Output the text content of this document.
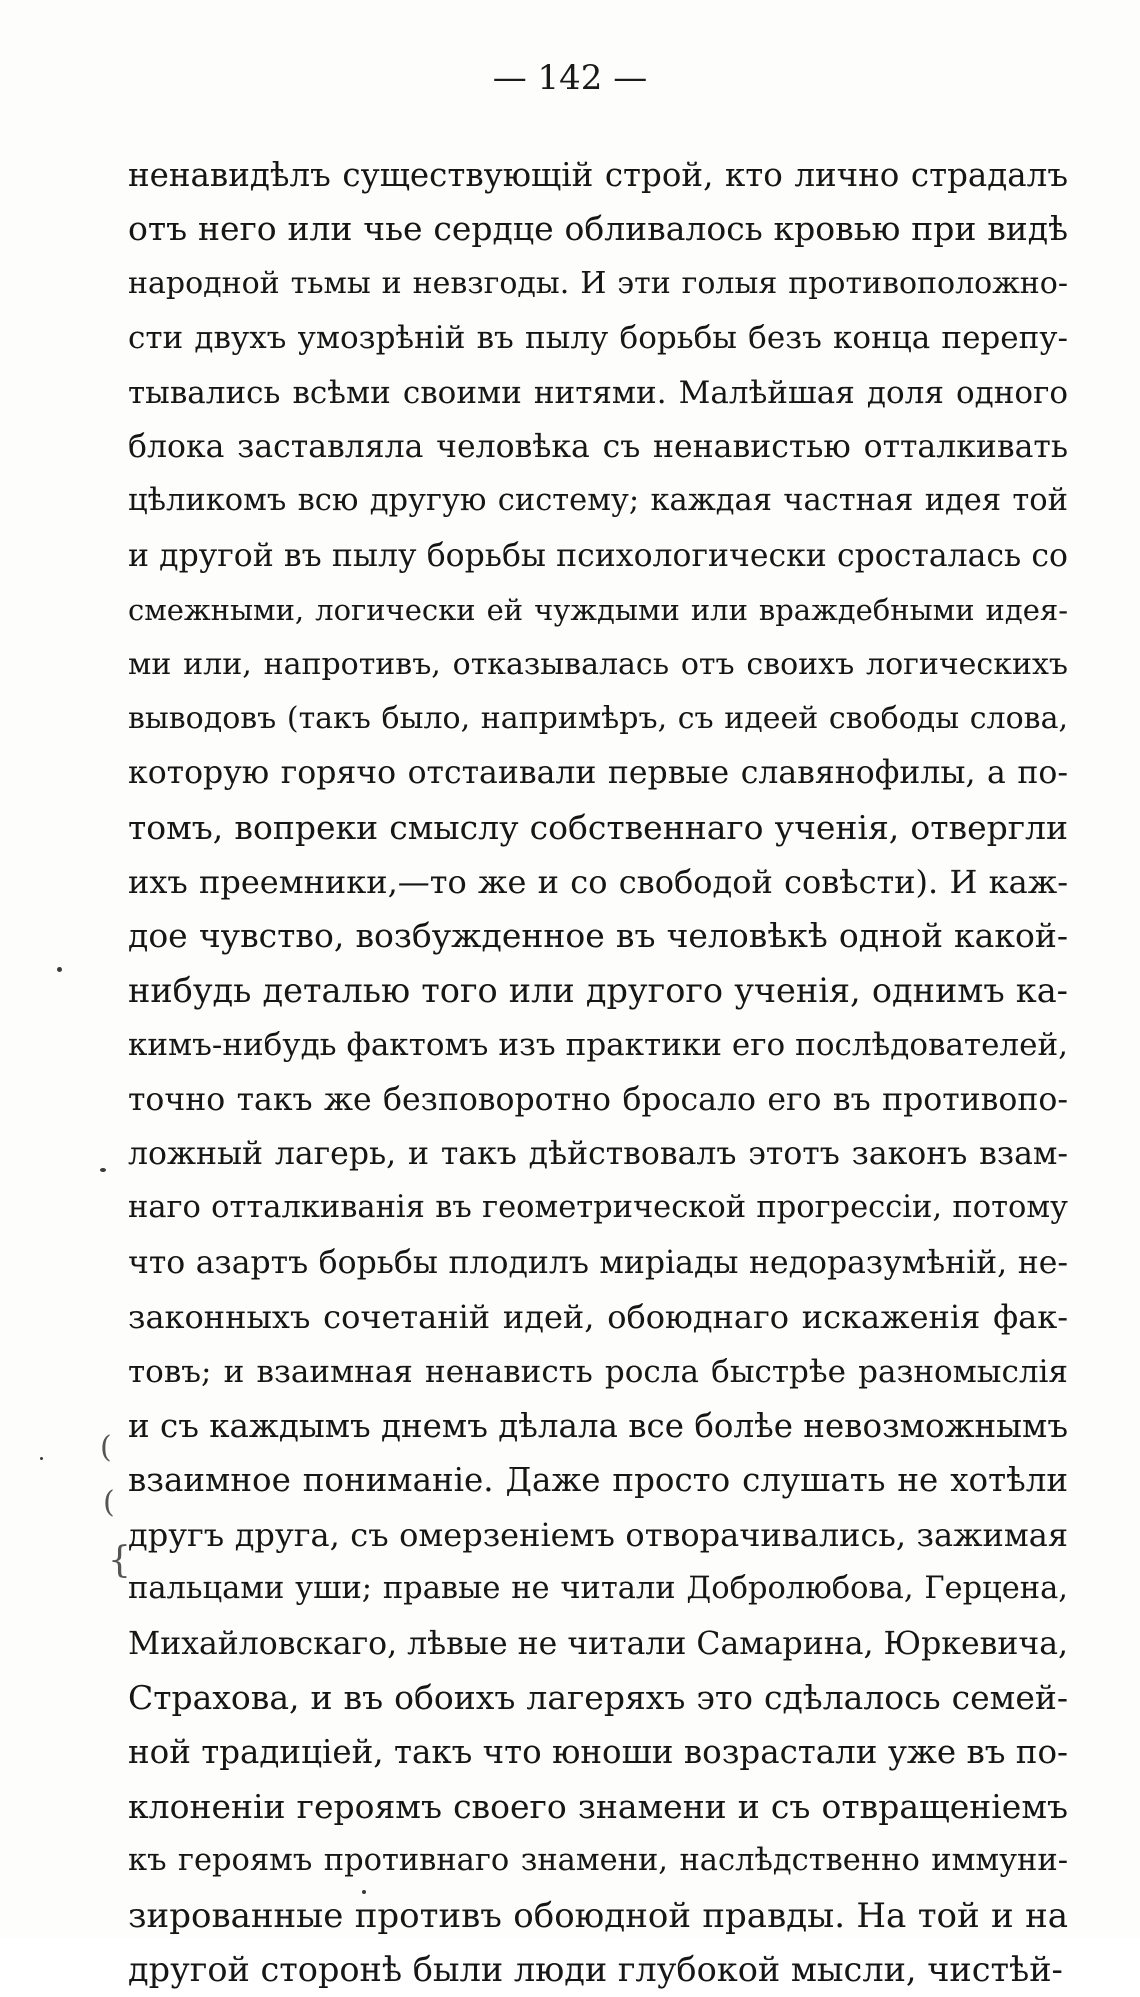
— 142 —
ненавидѣлъ существующій строй, кто лично страдалъ
отъ него или чье сердце обливалось кровью при видѣ
народной тьмы и невзгоды. И эти голыя противоположно-
сти двухъ умозрѣній въ пылу борьбы безъ конца перепу-
тывались всѣми своими нитями. Малѣйшая доля одного
блока заставляла человѣка съ ненавистью отталкивать
цѣликомъ всю другую систему; каждая частная идея той
и другой въ пылу борьбы психологически сросталась со
смежными, логически ей чуждыми или враждебными идея-
ми или, напротивъ, отказывалась отъ своихъ логическихъ
выводовъ (такъ было, напримѣръ, съ идеей свободы слова,
которую горячо отстаивали первые славянофилы, а по-
томъ, вопреки смыслу собственнаго ученія, отвергли
ихъ преемники,—то же и со свободой совѣсти). И каж-
дое чувство, возбужденное въ человѣкѣ одной какой-
нибудь деталью того или другого ученія, однимъ ка-
кимъ-нибудь фактомъ изъ практики его послѣдователей,
точно такъ же безповоротно бросало его въ противопо-
ложный лагерь, и такъ дѣйствовалъ этотъ законъ взам-
наго отталкиванія въ геометрической прогрессіи, потому
что азартъ борьбы плодилъ миріады недоразумѣній, не-
законныхъ сочетаній идей, обоюднаго искаженія фак-
товъ; и взаимная ненависть росла быстрѣе разномыслія
и съ каждымъ днемъ дѣлала все болѣе невозможнымъ
взаимное пониманіе. Даже просто слушать не хотѣли
другъ друга, съ омерзеніемъ отворачивались, зажимая
пальцами уши; правые не читали Добролюбова, Герцена,
Михайловскаго, лѣвые не читали Самарина, Юркевича,
Страхова, и въ обоихъ лагеряхъ это сдѣлалось семей-
ной традиціей, такъ что юноши возрастали уже въ по-
клоненіи героямъ своего знамени и съ отвращеніемъ
къ героямъ противнаго знамени, наслѣдственно иммуни-
зированные противъ обоюдной правды. На той и на
другой сторонѣ были люди глубокой мысли, чистѣй-
(
(
{
